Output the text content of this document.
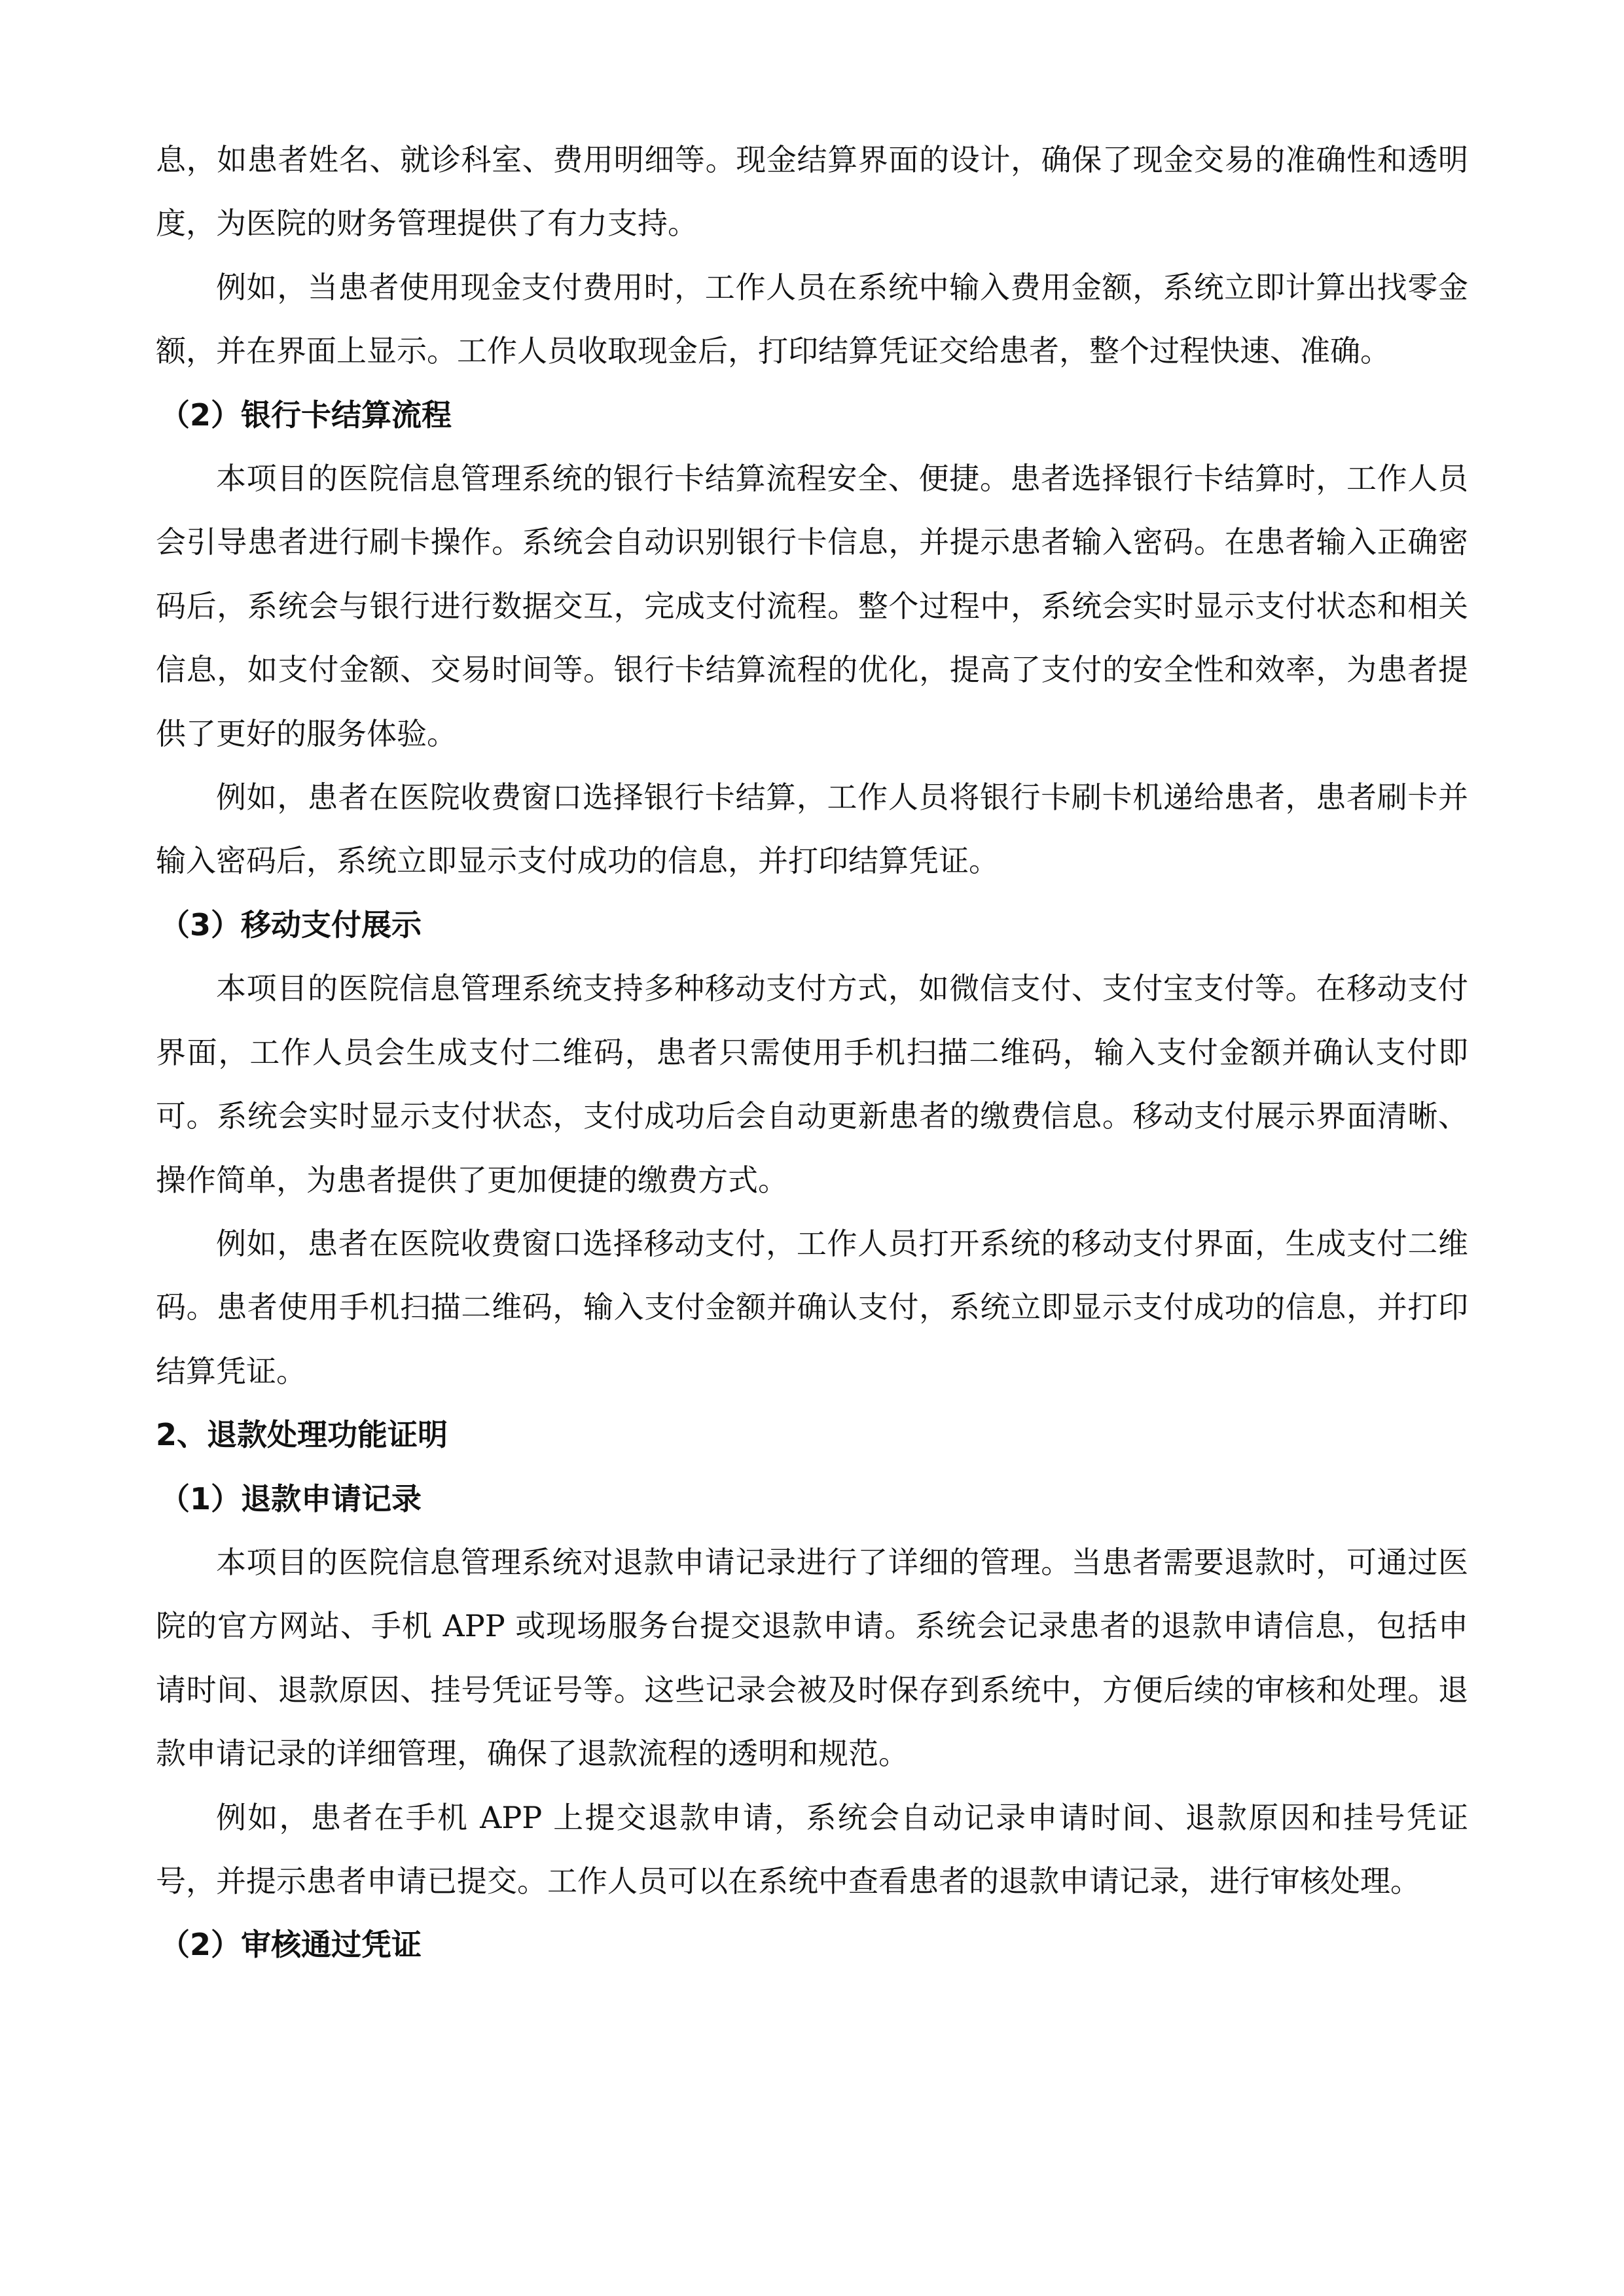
息，如患者姓名、就诊科室、费用明细等。现金结算界面的设计，确保了现金交易的准确性和透明度，为医院的财务管理提供了有力支持。

例如，当患者使用现金支付费用时，工作人员在系统中输入费用金额，系统立即计算出找零金额，并在界面上显示。工作人员收取现金后，打印结算凭证交给患者，整个过程快速、准确。

（2）银行卡结算流程

本项目的医院信息管理系统的银行卡结算流程安全、便捷。患者选择银行卡结算时，工作人员会引导患者进行刷卡操作。系统会自动识别银行卡信息，并提示患者输入密码。在患者输入正确密码后，系统会与银行进行数据交互，完成支付流程。整个过程中，系统会实时显示支付状态和相关信息，如支付金额、交易时间等。银行卡结算流程的优化，提高了支付的安全性和效率，为患者提供了更好的服务体验。

例如，患者在医院收费窗口选择银行卡结算，工作人员将银行卡刷卡机递给患者，患者刷卡并输入密码后，系统立即显示支付成功的信息，并打印结算凭证。

（3）移动支付展示

本项目的医院信息管理系统支持多种移动支付方式，如微信支付、支付宝支付等。在移动支付界面，工作人员会生成支付二维码，患者只需使用手机扫描二维码，输入支付金额并确认支付即可。系统会实时显示支付状态，支付成功后会自动更新患者的缴费信息。移动支付展示界面清晰、操作简单，为患者提供了更加便捷的缴费方式。

例如，患者在医院收费窗口选择移动支付，工作人员打开系统的移动支付界面，生成支付二维码。患者使用手机扫描二维码，输入支付金额并确认支付，系统立即显示支付成功的信息，并打印结算凭证。

2、退款处理功能证明

（1）退款申请记录

本项目的医院信息管理系统对退款申请记录进行了详细的管理。当患者需要退款时，可通过医院的官方网站、手机 APP 或现场服务台提交退款申请。系统会记录患者的退款申请信息，包括申请时间、退款原因、挂号凭证号等。这些记录会被及时保存到系统中，方便后续的审核和处理。退款申请记录的详细管理，确保了退款流程的透明和规范。

例如，患者在手机 APP 上提交退款申请，系统会自动记录申请时间、退款原因和挂号凭证号，并提示患者申请已提交。工作人员可以在系统中查看患者的退款申请记录，进行审核处理。

（2）审核通过凭证
